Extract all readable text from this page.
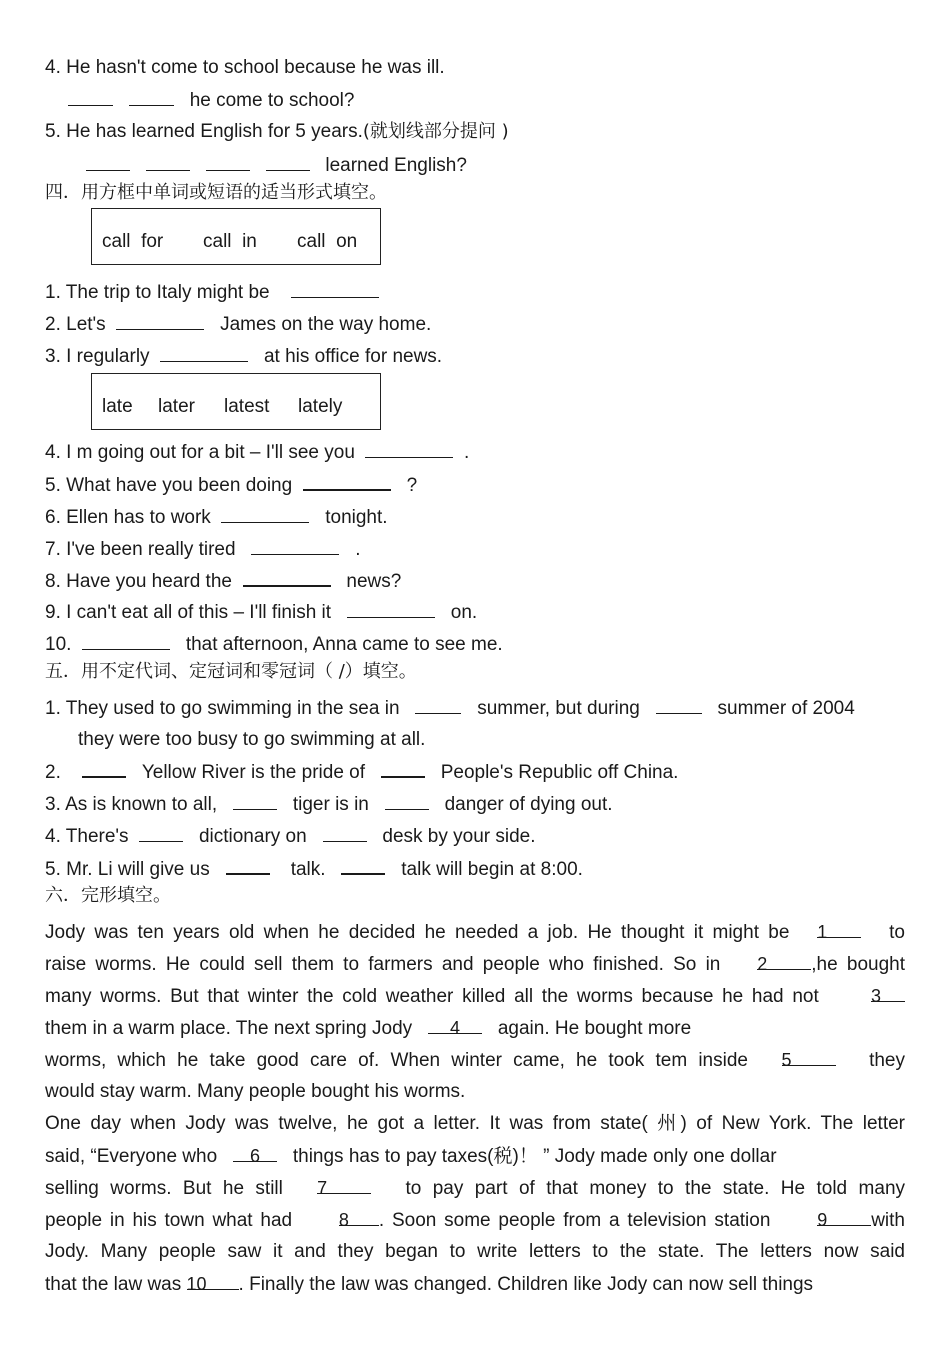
4. He hasn't come to school because he was ill.
he come to school?
5. He has learned English for 5 years.(就划线部分提问 )
learned English?
四．用方框中单词或短语的适当形式填空。
call  for call  in call  on
1. The trip to Italy might be
2. Let's	James on the way home.
3. I regularly	at his office for news.
late later latest lately
4. I m going out for a bit – I'll see you	.
5. What have you been doing	?
6. Ellen has to work	tonight.
7. I've been really tired	.
8. Have you heard the	news?
9. I can't eat all of this – I'll finish it	on.
10.	that afternoon, Anna came to see me.
五．用不定代词、定冠词和零冠词（ /）填空。
1. They used to go swimming in the sea in	summer, but during	summer of 2004
they were too busy to go swimming at all.
2.	Yellow River is the pride of	People's Republic off China.
3. As is known to all,	tiger is in	danger of dying out.
4. There's	dictionary on	desk by your side.
5. Mr. Li will give us	talk.	talk will begin at 8:00.
六．完形填空。
Jody was ten years old when he decided he needed a job. He thought it might be 1	to
raise worms. He could sell them to farmers and people who finished. So in 2 ,he bought
many worms. But that winter the cold weather killed all the worms because he had not	3
them in a warm place. The next spring Jody 4 again. He bought more
worms, which he take good care of. When winter came, he took tem inside 5	they
would stay warm. Many people bought his worms.
One day when Jody was twelve, he got a letter. It was from state( 州) of New York. The letter
said, “Everyone who 6 things has to pay taxes(税)！ ” Jody made only one dollar
selling worms. But he still 7	to pay part of that money to the state. He told many
people in his town what had	8 . Soon some people from a television station	9 with
Jody. Many people saw it and they began to write letters to the state. The letters now said
that the law was 10 . Finally the law was changed. Children like Jody can now sell things
